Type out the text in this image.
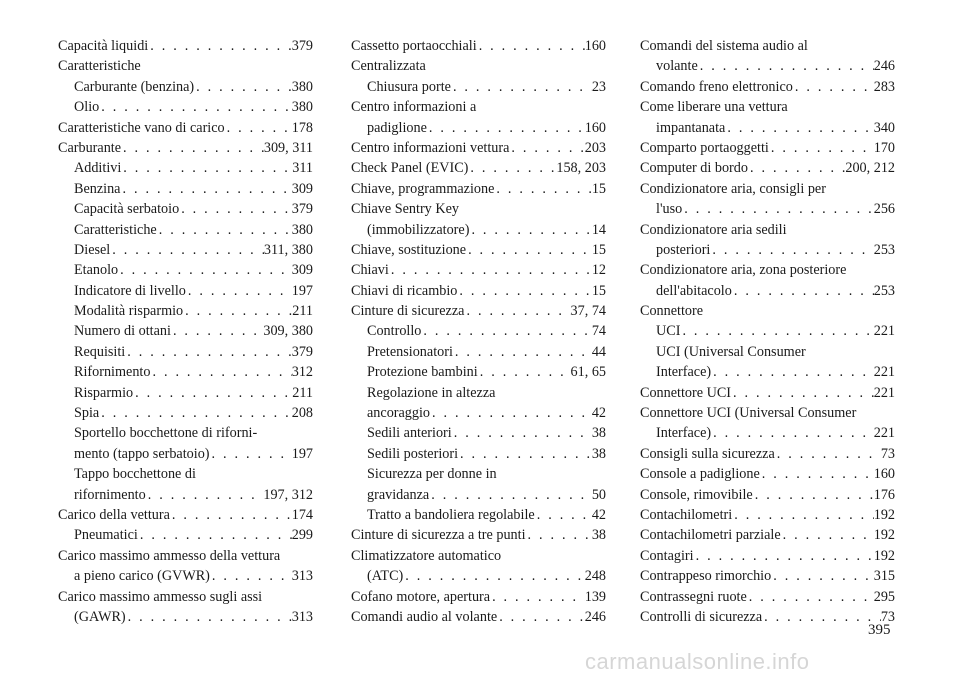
Capacità liquidi . . .	379
Caratteristiche
Carburante (benzina) . . .	380
Olio . . .	380
Caratteristiche vano di carico . . .	178
Carburante . . .	309, 311
Additivi . . .	311
Benzina . . .	309
Capacità serbatoio . . .	379
Caratteristiche . . .	380
Diesel . . .	311, 380
Etanolo . . .	309
Indicatore di livello . . .	197
Modalità risparmio . . .	211
Numero di ottani . . .	309, 380
Requisiti . . .	379
Rifornimento . . .	312
Risparmio . . .	211
Spia . . .	208
Sportello bocchettone di riforni-
mento (tappo serbatoio) . . .	197
Tappo bocchettone di
rifornimento . . .	197, 312
Carico della vettura . . .	174
Pneumatici . . .	299
Carico massimo ammesso della vettura
a pieno carico (GVWR) . . .	313
Carico massimo ammesso sugli assi
(GAWR) . . .	313
Cassetto portaocchiali . . .	160
Centralizzata
Chiusura porte . . .	23
Centro informazioni a
padiglione . . .	160
Centro informazioni vettura . . .	203
Check Panel (EVIC) . . .	158, 203
Chiave, programmazione . . .	15
Chiave Sentry Key
(immobilizzatore) . . .	14
Chiave, sostituzione . . .	15
Chiavi . . .	12
Chiavi di ricambio . . .	15
Cinture di sicurezza . . .	37, 74
Controllo . . .	74
Pretensionatori . . .	44
Protezione bambini . . .	61, 65
Regolazione in altezza
ancoraggio . . .	42
Sedili anteriori . . .	38
Sedili posteriori . . .	38
Sicurezza per donne in
gravidanza . . .	50
Tratto a bandoliera regolabile . . .	42
Cinture di sicurezza a tre punti . . .	38
Climatizzatore automatico
(ATC) . . .	248
Cofano motore, apertura . . .	139
Comandi audio al volante . . .	246
Comandi del sistema audio al
volante . . .	246
Comando freno elettronico . . .	283
Come liberare una vettura
impantanata . . .	340
Comparto portaoggetti . . .	170
Computer di bordo . . .	200, 212
Condizionatore aria, consigli per
l'uso . . .	256
Condizionatore aria sedili
posteriori . . .	253
Condizionatore aria, zona posteriore
dell'abitacolo . . .	253
Connettore
UCI . . .	221
UCI (Universal Consumer
Interface) . . .	221
Connettore UCI . . .	221
Connettore UCI (Universal Consumer
Interface) . . .	221
Consigli sulla sicurezza . . .	73
Console a padiglione . . .	160
Console, rimovibile . . .	176
Contachilometri . . .	192
Contachilometri parziale . . .	192
Contagiri . . .	192
Contrappeso rimorchio . . .	315
Contrassegni ruote . . .	295
Controlli di sicurezza . . .	73
395
carmanualsonline.info
